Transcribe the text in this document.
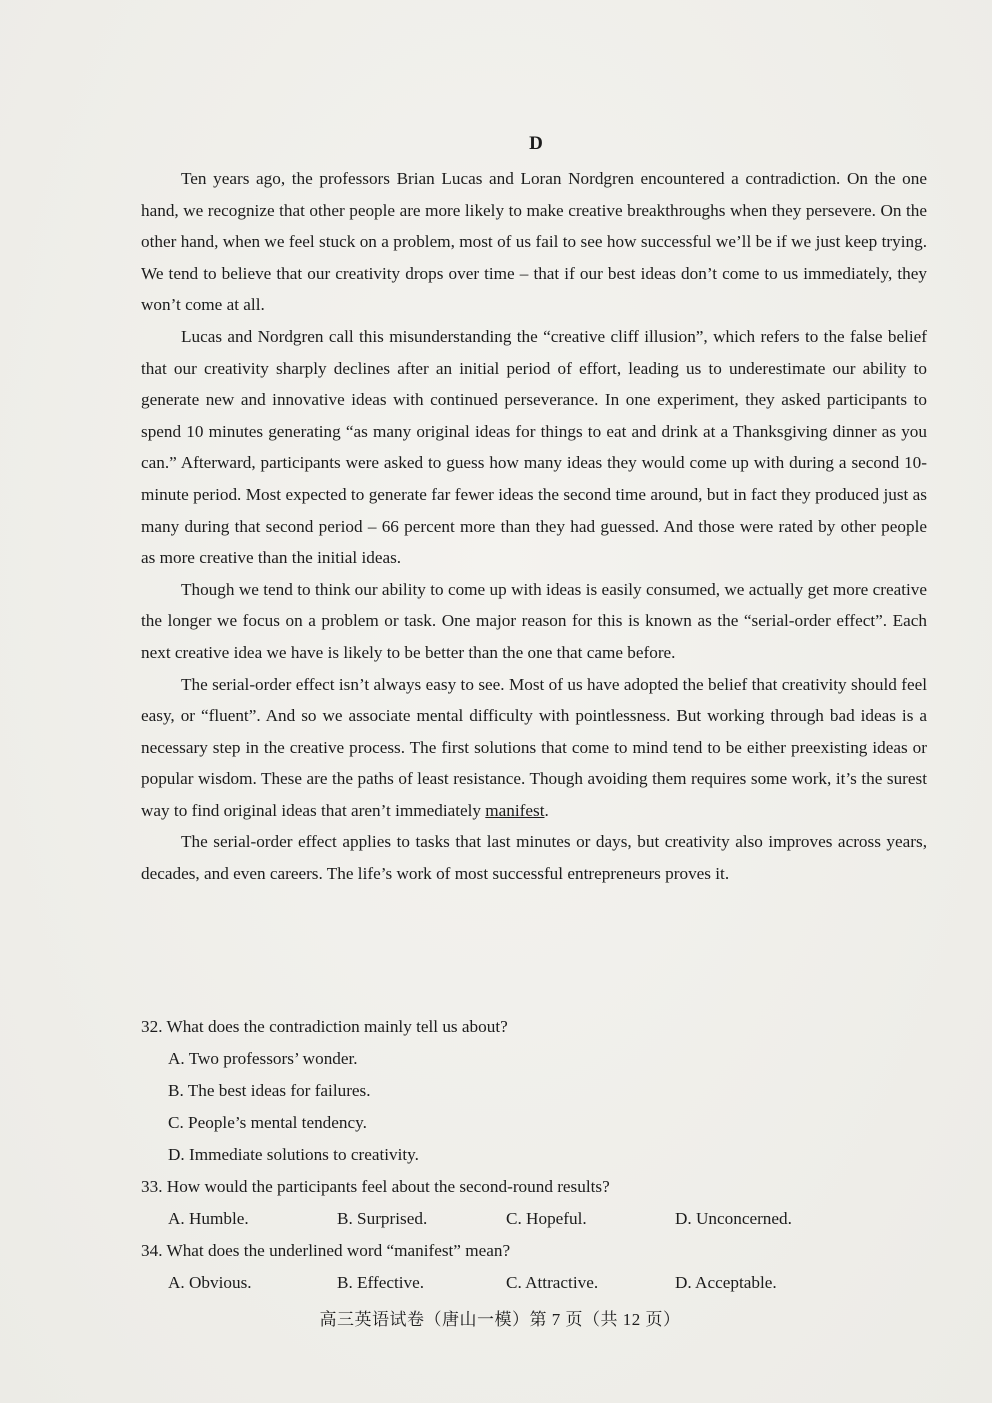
D

Ten years ago, the professors Brian Lucas and Loran Nordgren encountered a contradiction. On the one hand, we recognize that other people are more likely to make creative breakthroughs when they persevere. On the other hand, when we feel stuck on a problem, most of us fail to see how successful we’ll be if we just keep trying. We tend to believe that our creativity drops over time – that if our best ideas don’t come to us immediately, they won’t come at all.

Lucas and Nordgren call this misunderstanding the “creative cliff illusion”, which refers to the false belief that our creativity sharply declines after an initial period of effort, leading us to underestimate our ability to generate new and innovative ideas with continued perseverance. In one experiment, they asked participants to spend 10 minutes generating “as many original ideas for things to eat and drink at a Thanksgiving dinner as you can.” Afterward, participants were asked to guess how many ideas they would come up with during a second 10-minute period. Most expected to generate far fewer ideas the second time around, but in fact they produced just as many during that second period – 66 percent more than they had guessed. And those were rated by other people as more creative than the initial ideas.

Though we tend to think our ability to come up with ideas is easily consumed, we actually get more creative the longer we focus on a problem or task. One major reason for this is known as the “serial-order effect”. Each next creative idea we have is likely to be better than the one that came before.

The serial-order effect isn’t always easy to see. Most of us have adopted the belief that creativity should feel easy, or “fluent”. And so we associate mental difficulty with pointlessness. But working through bad ideas is a necessary step in the creative process. The first solutions that come to mind tend to be either preexisting ideas or popular wisdom. These are the paths of least resistance. Though avoiding them requires some work, it’s the surest way to find original ideas that aren’t immediately manifest.

The serial-order effect applies to tasks that last minutes or days, but creativity also improves across years, decades, and even careers. The life’s work of most successful entrepreneurs proves it.

32. What does the contradiction mainly tell us about?

A. Two professors’ wonder.

B. The best ideas for failures.

C. People’s mental tendency.

D. Immediate solutions to creativity.

33. How would the participants feel about the second-round results?

A. Humble.	B. Surprised.	C. Hopeful.	D. Unconcerned.

34. What does the underlined word “manifest” mean?

A. Obvious.	B. Effective.	C. Attractive.	D. Acceptable.
高三英语试卷（唐山一模）第 7 页（共 12 页）
